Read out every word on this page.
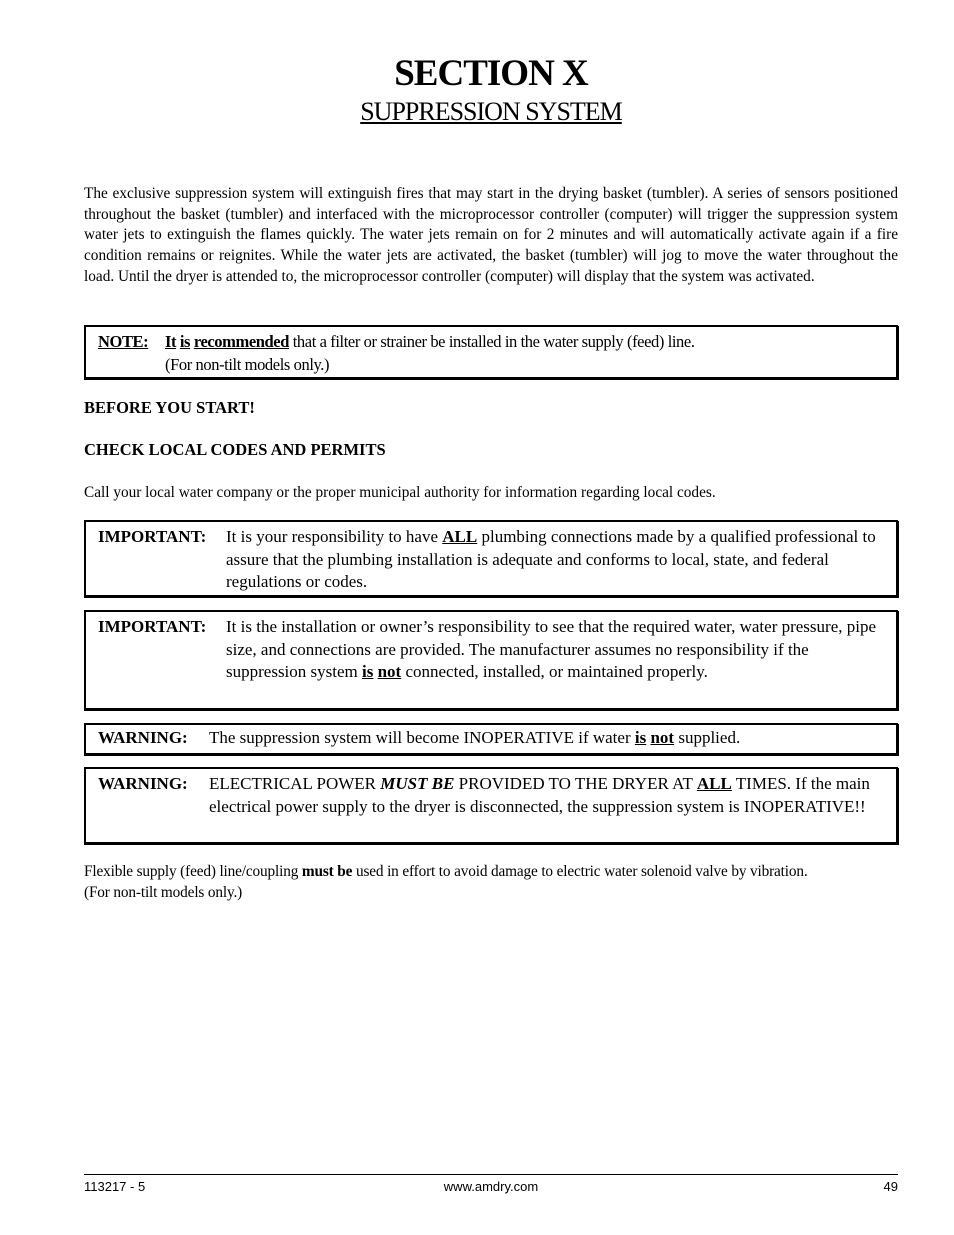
SECTION X
SUPPRESSION SYSTEM
The exclusive suppression system will extinguish fires that may start in the drying basket (tumbler). A series of sensors positioned throughout the basket (tumbler) and interfaced with the microprocessor controller (computer) will trigger the suppression system water jets to extinguish the flames quickly. The water jets remain on for 2 minutes and will automatically activate again if a fire condition remains or reignites. While the water jets are activated, the basket (tumbler) will jog to move the water throughout the load. Until the dryer is attended to, the microprocessor controller (computer) will display that the system was activated.
NOTE: It is recommended that a filter or strainer be installed in the water supply (feed) line.
(For non-tilt models only.)
BEFORE YOU START!
CHECK LOCAL CODES AND PERMITS
Call your local water company or the proper municipal authority for information regarding local codes.
IMPORTANT: It is your responsibility to have ALL plumbing connections made by a qualified professional to assure that the plumbing installation is adequate and conforms to local, state, and federal regulations or codes.
IMPORTANT: It is the installation or owner’s responsibility to see that the required water, water pressure, pipe size, and connections are provided. The manufacturer assumes no responsibility if the suppression system is not connected, installed, or maintained properly.
WARNING: The suppression system will become INOPERATIVE if water is not supplied.
WARNING: ELECTRICAL POWER MUST BE PROVIDED TO THE DRYER AT ALL TIMES. If the main electrical power supply to the dryer is disconnected, the suppression system is INOPERATIVE!!
Flexible supply (feed) line/coupling must be used in effort to avoid damage to electric water solenoid valve by vibration.
(For non-tilt models only.)
113217 - 5	www.amdry.com	49
